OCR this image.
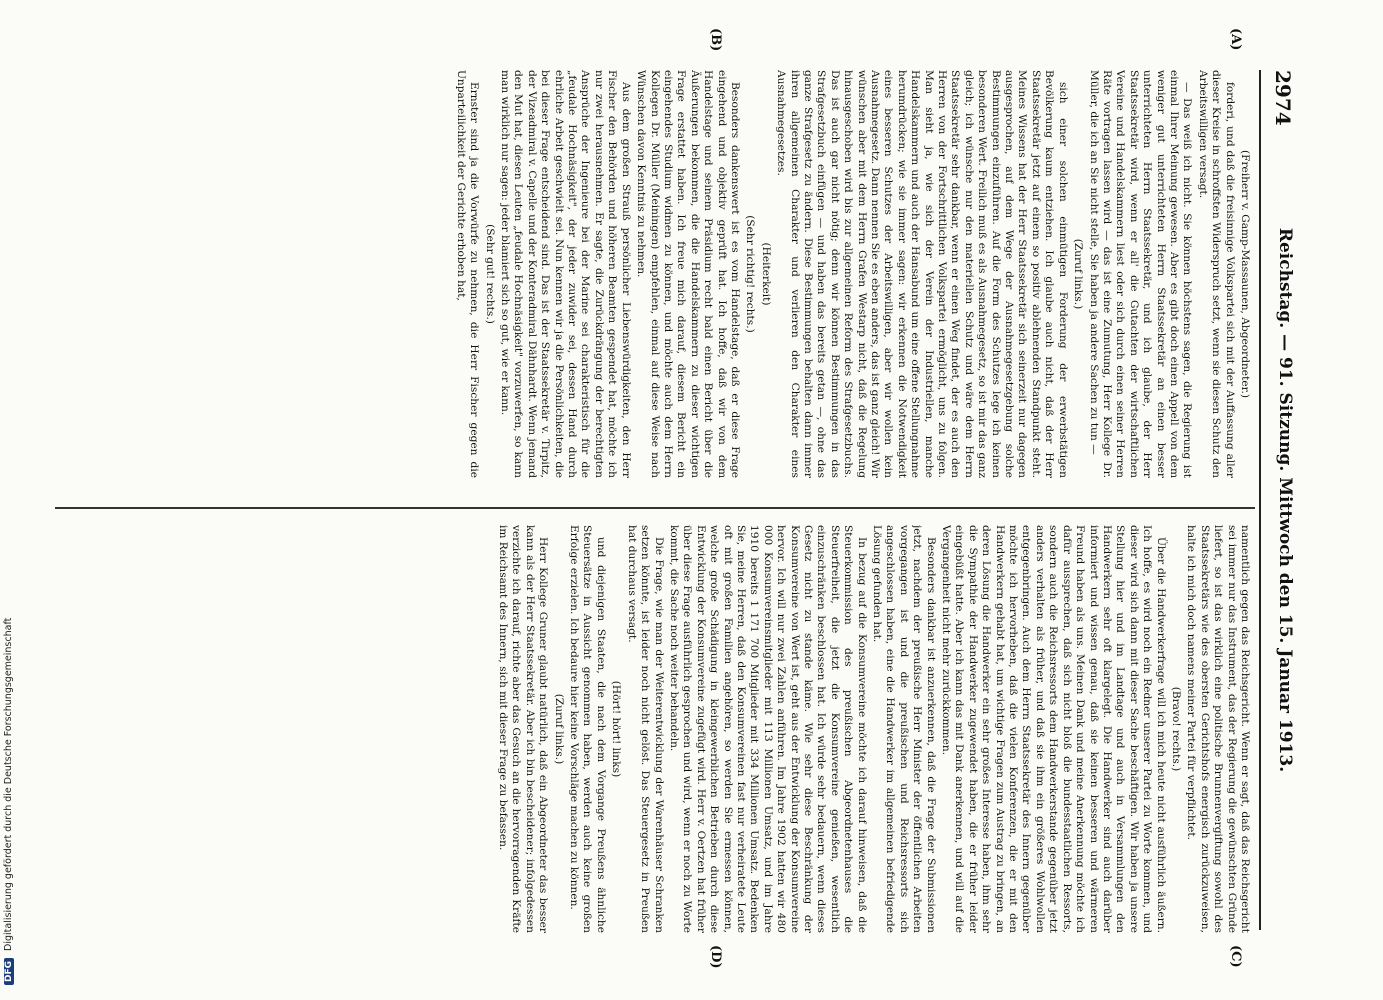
2974
Reichstag. — 91. Sitzung. Mittwoch den 15. Januar 1913.
(A)
(B)
(C)
(D)

(Freiherr v. Gamp-Massaunen, Abgeordneter.)

forderi, und daß die freisinnige Volkspartei sich mit der Auffassung aller dieser Kreise in schroffsten Widerspruch setzt, wenn sie diesen Schutz den Arbeitswilligen versagt.

— Das weiß ich nicht. Sie können höchstens sagen, die Regierung ist einmal Ihrer Meinung gewesen. Aber es gibt doch einen Appell von dem weniger gut unterrichteten Herrn Staatssekretär an einen besser unterrichteten Herrn Staatssekretär, und ich glaube, der Herr Staatssekretär wird, wenn er all' die Gutachten der wirtschaftlichen Vereine und Handelskammern liest oder sich durch einen seiner Herren Räte vortragen lassen wird — das ist eine Zumutung, Herr Kollege Dr. Müller, die ich an Sie nicht stelle, Sie haben ja andere Sachen zu tun —

(Zuruf links.)

sich einer solchen einmütigen Forderung der erwerbstätigen Bevölkerung kaum entziehen. Ich glaube auch nicht, daß der Herr Staatssekretär jetzt auf einem so positiv ablehnenden Standpunkt steht. Meines Wissens hat der Herr Staatssekretär sich seinerzeit nur dagegen ausgesprochen, auf dem Wege der Ausnahmegesetzgebung solche Bestimmungen einzuführen. Auf die Form des Schutzes lege ich keinen besonderen Wert. Freilich muß es als Ausnahmegesetz, so ist mir das ganz gleich; ich wünsche nur den materiellen Schutz und wäre dem Herrn Staatssekretär sehr dankbar, wenn er einen Weg findet, der es auch den Herren von der Fortschrittlichen Volkspartei ermöglicht, uns zu folgen. Man sieht ja, wie sich der Verein der Industriellen, manche Handelskammern und auch der Hansabund um eine offene Stellungnahme herumdrücken; wie sie immer sagen: wir erkennen die Notwendigkeit eines besseren Schutzes der Arbeitswilligen, aber wir wollen kein Ausnahmegesetz. Dann nennen Sie es eben anders, das ist ganz gleich! Wir wünschen aber mit dem Herrn Grafen Westarp nicht, daß die Regelung hinausgeschoben wird bis zur allgemeinen Reform des Strafgesetzbuchs. Das ist auch gar nicht nötig; denn wir können Bestimmungen in das Strafgesetzbuch einfügen — und haben das bereits getan —, ohne das ganze Strafgesetz zu ändern. Diese Bestimmungen behalten dann immer ihren allgemeinen Charakter und verlieren den Charakter eines Ausnahmegesetzes.

(Heiterkeit)

(Sehr richtig! rechts.)

Besonders dankenswert ist es vom Handelstage, daß er diese Frage eingehend und objektiv geprüft hat. Ich hoffe, daß wir von dem Handelstage und seinem Präsidium recht bald einen Bericht über die Äußerungen bekommen, die die Handelskammern zu dieser wichtigen Frage erstattet haben. Ich freue mich darauf, diesem Bericht ein eingehendes Studium widmen zu können, und möchte auch dem Herrn Kollegen Dr. Müller (Meiningen) empfehlen, einmal auf diese Weise nach Wünschen davon Kenntnis zu nehmen.

Aus dem großen Strauß persönlicher Liebenswürdigkeiten, den Herr Fischer den Behörden und höheren Beamten gespendet hat, möchte ich nur zwei herausnehmen. Er sagte, die Zurückdrängung der berechtigten Ansprüche der Ingenieure bei der Marine sei charakteristisch für die „feudale Hochnäsigkeit", der jeder zuwider sei, dessen Hand durch ehrliche Arbeit geschwielt sei. Nun kennen wir ja die Persönlichkeiten, die bei dieser Frage entscheidend sind. Das ist der Staatssekretär v. Tirpitz, der Vizeadmiral v. Capelle und der Konteradmiral Dähnhardt. Wenn jemand den Mut hat, diesen Leuten „feudale Hochnäsigkeit" vorzuwerfen, so kann man wirklich nur sagen: jeder blamiert sich so gut, wie er kann.

(Sehr gut! rechts.)

Ernster sind ja die Vorwürfe zu nehmen, die Herr Fischer gegen die Unparteilichkeit der Gerichte erhoben hat,

namentlich gegen das Reichsgericht. Wenn er sagt, daß das Reichsgericht sei immer nur das Instrument, das der Regierung die gewünschten Gründe liefert, so ist das wirklich eine politische Brunnenvergiftung sowohl des Staatssekretärs wie des obersten Gerichtshofs energisch zurückzuweisen, halte ich mich doch namens meiner Partei für verpflichtet.

(Bravo! rechts.)

Über die Handwerkerfrage will ich mich heute nicht ausführlich äußern. Ich hoffe, es wird noch ein Redner unserer Partei zu Worte kommen, und dieser wird sich dann mit dieser Sache beschäftigen. Wir haben ja unsere Stellung hier und im Landtage und auch in Versammlungen den Handwerkern sehr oft klargelegt. Die Handwerker sind auch darüber informiert und wissen genau, daß sie keinen besseren und wärmeren Freund haben als uns. Meinen Dank und meine Anerkennung möchte ich dafür aussprechen, daß sich nicht bloß die bundesstaatlichen Ressorts, sondern auch die Reichsressorts dem Handwerkerstande gegenüber jetzt anders verhalten als früher, und daß sie ihm ein größeres Wohlwollen entgegenbringen. Auch dem Herrn Staatssekretär des Innern gegenüber möchte ich hervorheben, daß die vielen Konferenzen, die er mit den Handwerkern gehabt hat, um wichtige Fragen zum Austrag zu bringen, an deren Lösung die Handwerker ein sehr großes Interesse haben, ihm sehr die Sympathie der Handwerker zugewendet haben, die er früher leider eingebüßt hatte. Aber ich kann das mit Dank anerkennen, und will auf die Vergangenheit nicht mehr zurückkommen.

Besonders dankbar ist anzuerkennen, daß die Frage der Submissionen jetzt, nachdem der preußische Herr Minister der öffentlichen Arbeiten vorgegangen ist und die preußischen und Reichsressorts sich angeschlossen haben, eine die Handwerker im allgemeinen befriedigende Lösung gefunden hat.

In bezug auf die Konsumvereine möchte ich darauf hinweisen, daß die Steuerkommission des preußischen Abgeordnetenhauses die Steuerfreiheit, die jetzt die Konsumvereine genießen, wesentlich einzuschränken beschlossen hat. Ich würde sehr bedauern, wenn dieses Gesetz nicht zu stande käme. Wie sehr diese Beschränkung der Konsumvereine von Wert ist, geht aus der Entwicklung der Konsumvereine hervor. Ich will nur zwei Zahlen anführen. Im Jahre 1902 hatten wir 480 000 Konsumvereinsmitglieder mit 113 Millionen Umsatz, und im Jahre 1910 bereits 1 171 700 Mitglieder mit 334 Millionen Umsatz. Bedenken Sie, meine Herren, daß den Konsumvereinen fast nur verheiratete Leute oft mit großen Familien angehören, so werden Sie ermessen können, welche große Schädigung in kleingewerblichen Betrieben durch diese Entwicklung der Konsumvereine zugefügt wird. Herr v. Oertzen hat früher über diese Frage ausführlich gesprochen und wird, wenn er noch zu Worte kommt, die Sache noch weiter behandeln.

Die Frage, wie man der Weiterentwicklung der Warenhäuser Schranken setzen könnte, ist leider noch nicht gelöst. Das Steuergesetz in Preußen hat durchaus versagt.

(Hört! hört! links)

und diejenigen Staaten, die nach dem Vorgange Preußens ähnliche Steuersätze in Aussicht genommen haben, werden auch keine großen Erfolge erzielen. Ich bedaure hier keine Vorschläge machen zu können.

(Zuruf links.)

Herr Kollege Gruner glaubt natürlich, daß ein Abgeordneter das besser kann als der Herr Staatssekretär. Aber ich bin bescheidener; infolgedessen verzichte ich darauf, richte aber das Gesuch an die hervorragenden Kräfte im Reichsamt des Innern, sich mit dieser Frage zu befassen.

DFG Digitalisierung gefördert durch die Deutsche Forschungsgemeinschaft
